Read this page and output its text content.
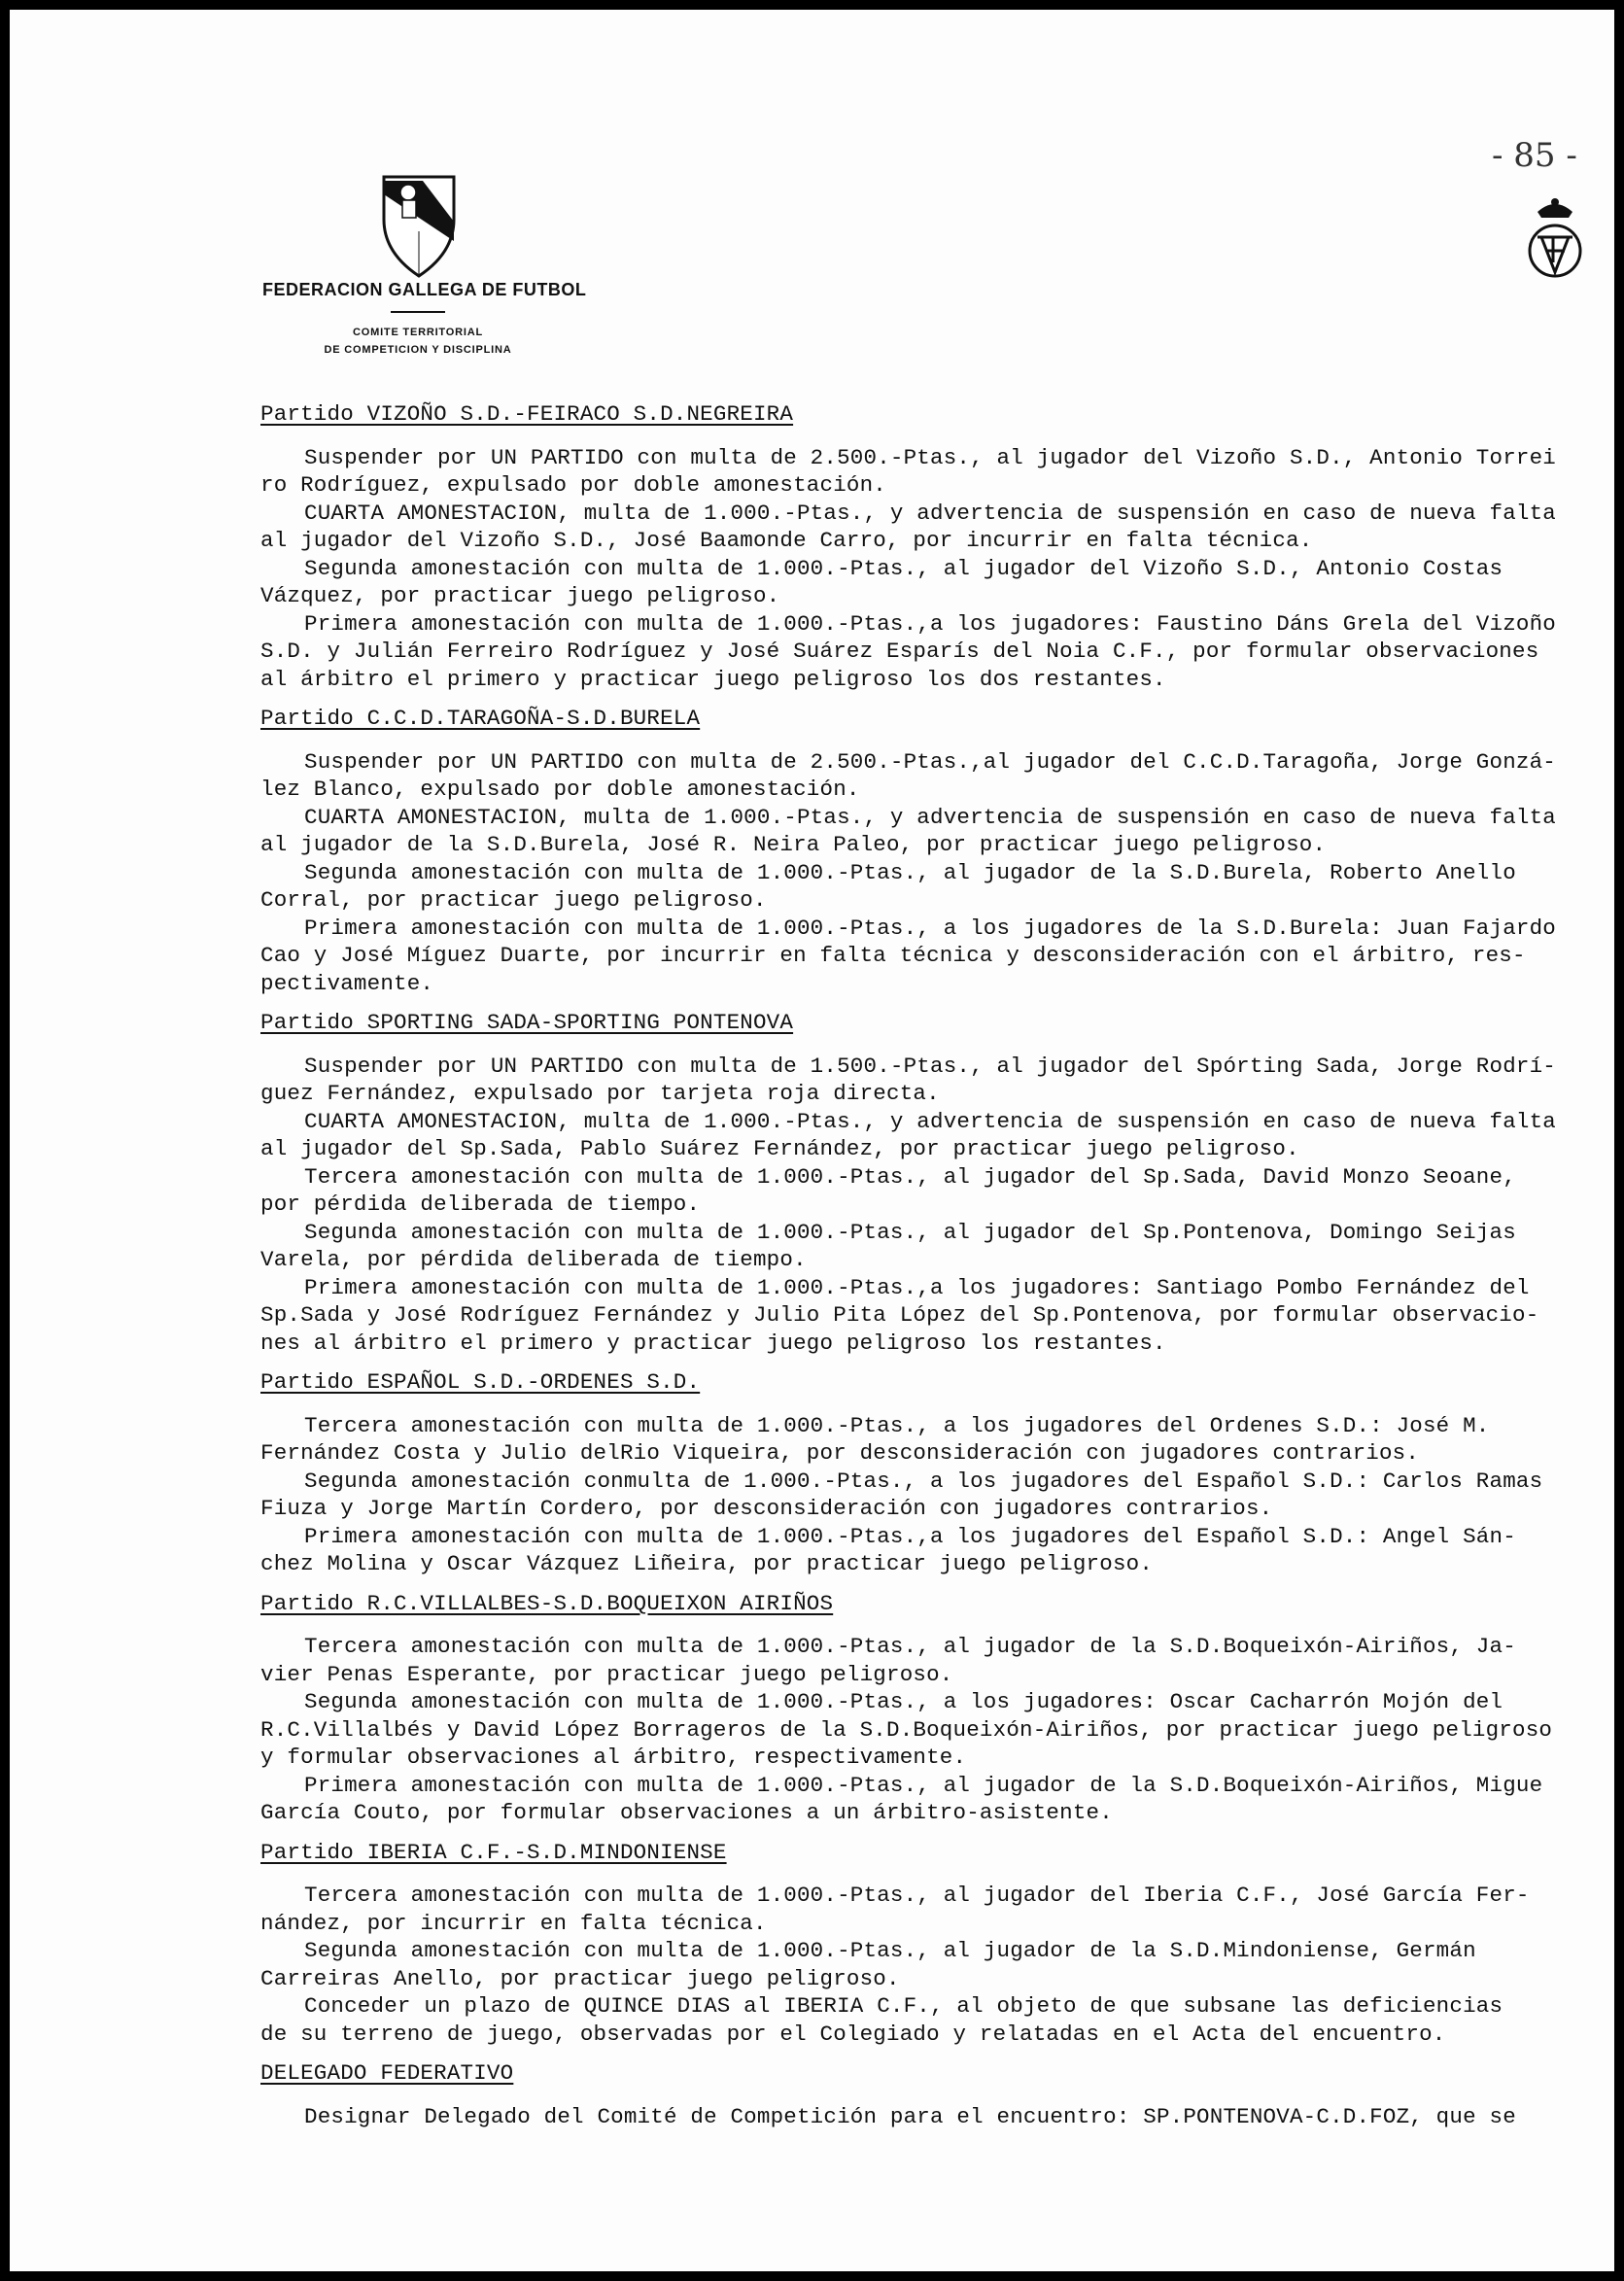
- 85 -
FEDERACION GALLEGA DE FUTBOL
COMITE TERRITORIAL
DE COMPETICION Y DISCIPLINA
Partido VIZOÑO S.D.-FEIRACO S.D.NEGREIRA
Suspender por UN PARTIDO con multa de 2.500.-Ptas., al jugador del Vizoño S.D., Antonio Torrei
ro Rodríguez, expulsado por doble amonestación.
CUARTA AMONESTACION, multa de 1.000.-Ptas., y advertencia de suspensión en caso de nueva falta
al jugador del Vizoño S.D., José Baamonde Carro, por incurrir en falta técnica.
Segunda amonestación con multa de 1.000.-Ptas., al jugador del Vizoño S.D., Antonio Costas
Vázquez, por practicar juego peligroso.
Primera amonestación con multa de 1.000.-Ptas.,a los jugadores: Faustino Dáns Grela del Vizoño
S.D. y Julián Ferreiro Rodríguez y José Suárez Esparís del Noia C.F., por formular observaciones
al árbitro el primero y practicar juego peligroso los dos restantes.
Partido C.C.D.TARAGOÑA-S.D.BURELA
Suspender por UN PARTIDO con multa de 2.500.-Ptas.,al jugador del C.C.D.Taragoña, Jorge Gonzá-
lez Blanco, expulsado por doble amonestación.
CUARTA AMONESTACION, multa de 1.000.-Ptas., y advertencia de suspensión en caso de nueva falta
al jugador de la S.D.Burela, José R. Neira Paleo, por practicar juego peligroso.
Segunda amonestación con multa de 1.000.-Ptas., al jugador de la S.D.Burela, Roberto Anello
Corral, por practicar juego peligroso.
Primera amonestación con multa de 1.000.-Ptas., a los jugadores de la S.D.Burela: Juan Fajardo
Cao y José Míguez Duarte, por incurrir en falta técnica y desconsideración con el árbitro, res-
pectivamente.
Partido SPORTING SADA-SPORTING PONTENOVA
Suspender por UN PARTIDO con multa de 1.500.-Ptas., al jugador del Spórting Sada, Jorge Rodrí-
guez Fernández, expulsado por tarjeta roja directa.
CUARTA AMONESTACION, multa de 1.000.-Ptas., y advertencia de suspensión en caso de nueva falta
al jugador del Sp.Sada, Pablo Suárez Fernández, por practicar juego peligroso.
Tercera amonestación con multa de 1.000.-Ptas., al jugador del Sp.Sada, David Monzo Seoane,
por pérdida deliberada de tiempo.
Segunda amonestación con multa de 1.000.-Ptas., al jugador del Sp.Pontenova, Domingo Seijas
Varela, por pérdida deliberada de tiempo.
Primera amonestación con multa de 1.000.-Ptas.,a los jugadores: Santiago Pombo Fernández del
Sp.Sada y José Rodríguez Fernández y Julio Pita López del Sp.Pontenova, por formular observacio-
nes al árbitro el primero y practicar juego peligroso los restantes.
Partido ESPAÑOL S.D.-ORDENES S.D.
Tercera amonestación con multa de 1.000.-Ptas., a los jugadores del Ordenes S.D.: José M.
Fernández Costa y Julio delRio Viqueira, por desconsideración con jugadores contrarios.
Segunda amonestación conmulta de 1.000.-Ptas., a los jugadores del Español S.D.: Carlos Ramas
Fiuza y Jorge Martín Cordero, por desconsideración con jugadores contrarios.
Primera amonestación con multa de 1.000.-Ptas.,a los jugadores del Español S.D.: Angel Sán-
chez Molina y Oscar Vázquez Liñeira, por practicar juego peligroso.
Partido R.C.VILLALBES-S.D.BOQUEIXON AIRIÑOS
Tercera amonestación con multa de 1.000.-Ptas., al jugador de la S.D.Boqueixón-Airiños, Ja-
vier Penas Esperante, por practicar juego peligroso.
Segunda amonestación con multa de 1.000.-Ptas., a los jugadores: Oscar Cacharrón Mojón del
R.C.Villalbés y David López Borrageros de la S.D.Boqueixón-Airiños, por practicar juego peligroso
y formular observaciones al árbitro, respectivamente.
Primera amonestación con multa de 1.000.-Ptas., al jugador de la S.D.Boqueixón-Airiños, Migue
García Couto, por formular observaciones a un árbitro-asistente.
Partido IBERIA C.F.-S.D.MINDONIENSE
Tercera amonestación con multa de 1.000.-Ptas., al jugador del Iberia C.F., José García Fer-
nández, por incurrir en falta técnica.
Segunda amonestación con multa de 1.000.-Ptas., al jugador de la S.D.Mindoniense, Germán
Carreiras Anello, por practicar juego peligroso.
Conceder un plazo de QUINCE DIAS al IBERIA C.F., al objeto de que subsane las deficiencias
de su terreno de juego, observadas por el Colegiado y relatadas en el Acta del encuentro.
DELEGADO FEDERATIVO
Designar Delegado del Comité de Competición para el encuentro: SP.PONTENOVA-C.D.FOZ, que se
